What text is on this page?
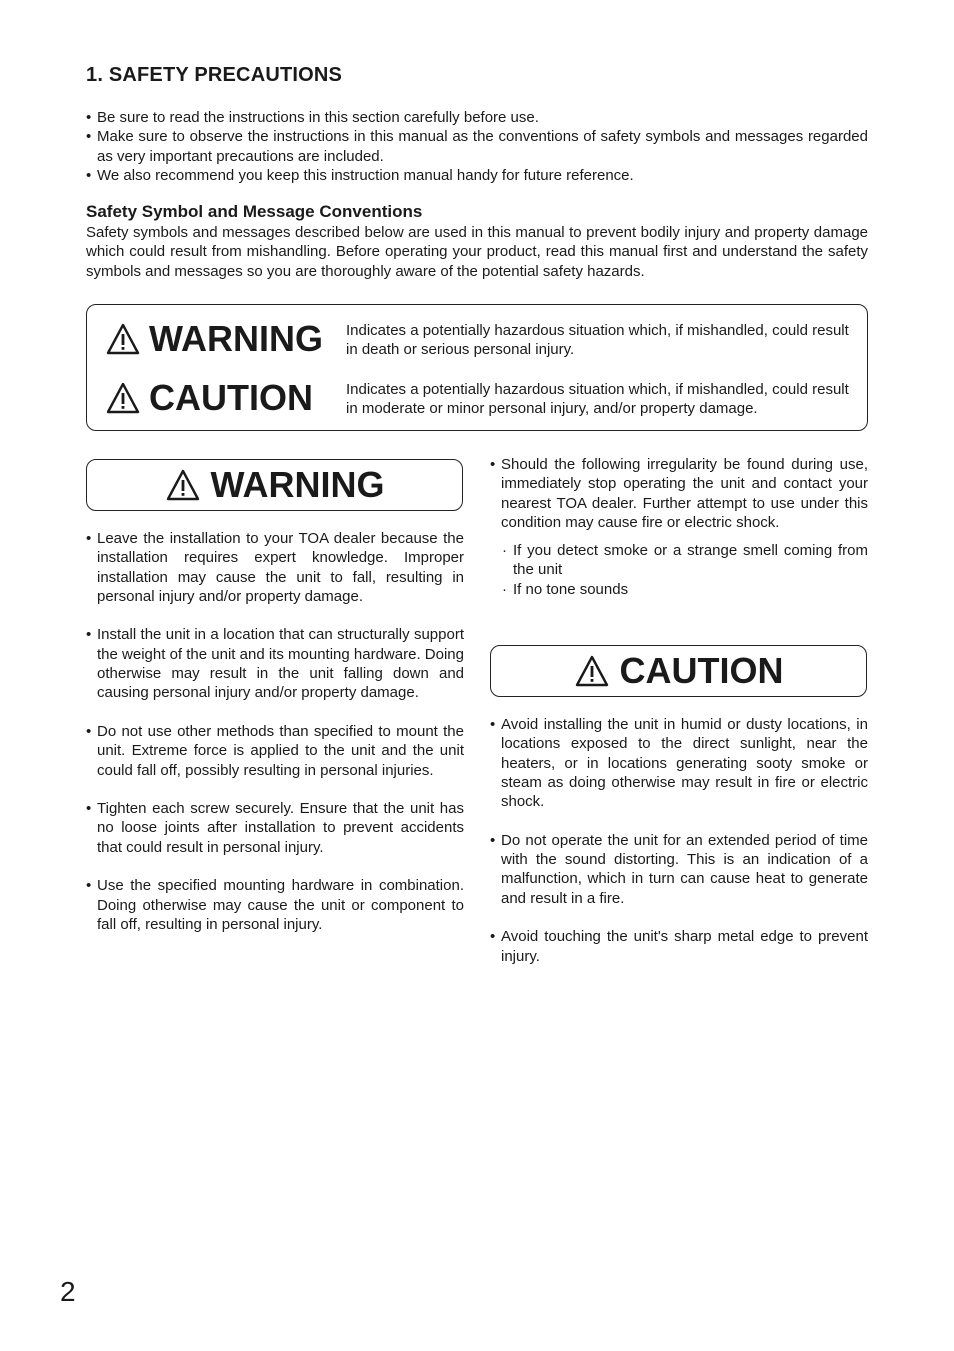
1. SAFETY PRECAUTIONS
• Be sure to read the instructions in this section carefully before use.
• Make sure to observe the instructions in this manual as the conventions of safety symbols and messages regarded as very important precautions are included.
• We also recommend you keep this instruction manual handy for future reference.
Safety Symbol and Message Conventions

Safety symbols and messages described below are used in this manual to prevent bodily injury and property damage which could result from mishandling. Before operating your product, read this manual first and understand the safety symbols and messages so you are thoroughly aware of the potential safety hazards.

WARNING Indicates a potentially hazardous situation which, if mishandled, could result in death or serious personal injury.
CAUTION Indicates a potentially hazardous situation which, if mishandled, could result in moderate or minor personal injury, and/or property damage.
WARNING
• Leave the installation to your TOA dealer because the installation requires expert knowledge. Improper installation may cause the unit to fall, resulting in personal injury and/or property damage.
• Install the unit in a location that can structurally support the weight of the unit and its mounting hardware. Doing otherwise may result in the unit falling down and causing personal injury and/or property damage.
• Do not use other methods than specified to mount the unit. Extreme force is applied to the unit and the unit could fall off, possibly resulting in personal injuries.
• Tighten each screw securely. Ensure that the unit has no loose joints after installation to prevent accidents that could result in personal injury.
• Use the specified mounting hardware in combination. Doing otherwise may cause the unit or component to fall off, resulting in personal injury.
• Should the following irregularity be found during use, immediately stop operating the unit and contact your nearest TOA dealer. Further attempt to use under this condition may cause fire or electric shock.
· If you detect smoke or a strange smell coming from the unit
· If no tone sounds
CAUTION
• Avoid installing the unit in humid or dusty locations, in locations exposed to the direct sunlight, near the heaters, or in locations generating sooty smoke or steam as doing otherwise may result in fire or electric shock.
• Do not operate the unit for an extended period of time with the sound distorting. This is an indication of a malfunction, which in turn can cause heat to generate and result in a fire.
• Avoid touching the unit's sharp metal edge to prevent injury.
2
